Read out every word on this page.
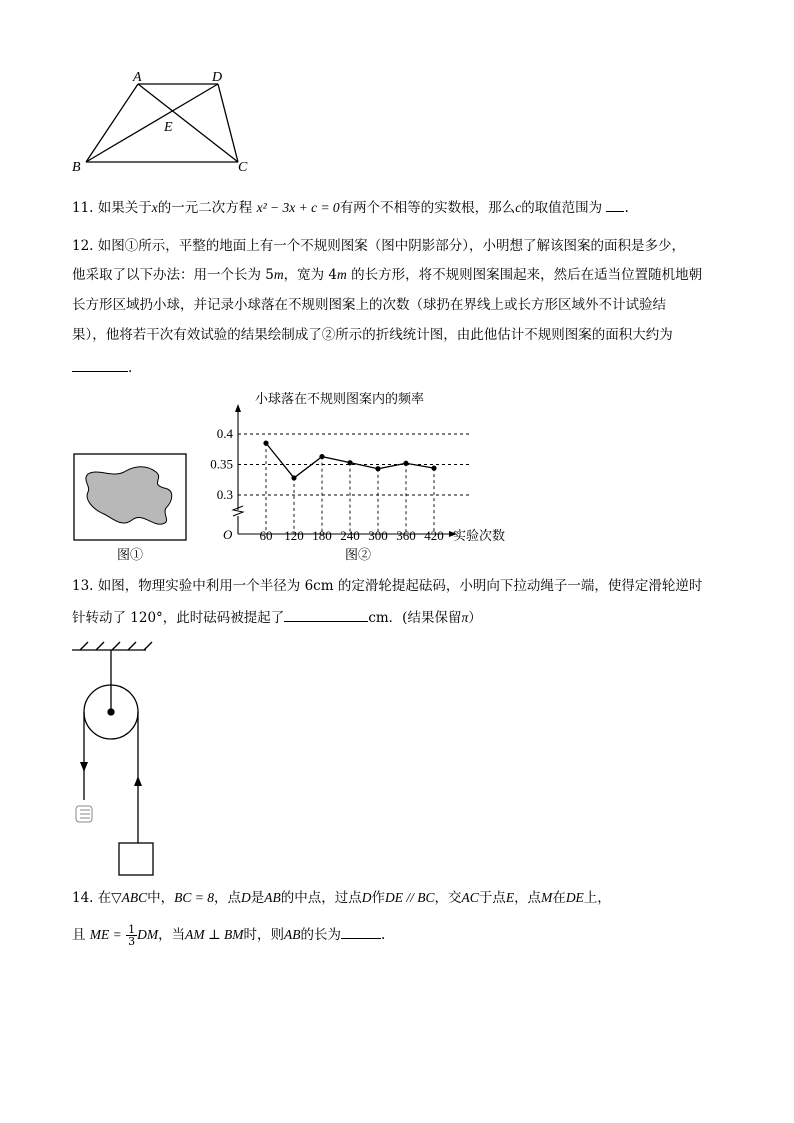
A	D
E
B	C
11. 如果关于x的一元二次方程 x² − 3x + c = 0有两个不相等的实数根，那么c的取值范围为 .
12. 如图①所示，平整的地面上有一个不规则图案（图中阴影部分），小明想了解该图案的面积是多少，
他采取了以下办法：用一个长为 5m，宽为 4m 的长方形，将不规则图案围起来，然后在适当位置随机地朝
长方形区域扔小球，并记录小球落在不规则图案上的次数（球扔在界线上或长方形区域外不计试验结
果），他将若干次有效试验的结果绘制成了②所示的折线统计图，由此他估计不规则图案的面积大约为
.
图①
小球落在不规则图案内的频率
O	实验次数
0.4
0.35
0.3
60 120 180 240 300 360 420
图②
13. 如图，物理实验中利用一个半径为 6cm 的定滑轮提起砝码，小明向下拉动绳子一端，使得定滑轮逆时
针转动了 120°，此时砝码被提起了	cm．(结果保留π）
14. 在▽ABC中，BC = 8，点D是AB的中点，过点D作DE // BC，交AC于点E，点M在DE上，
且 ME = $\frac{1}{3}$ DM，当AM ⊥ BM时，则AB的长为	.
